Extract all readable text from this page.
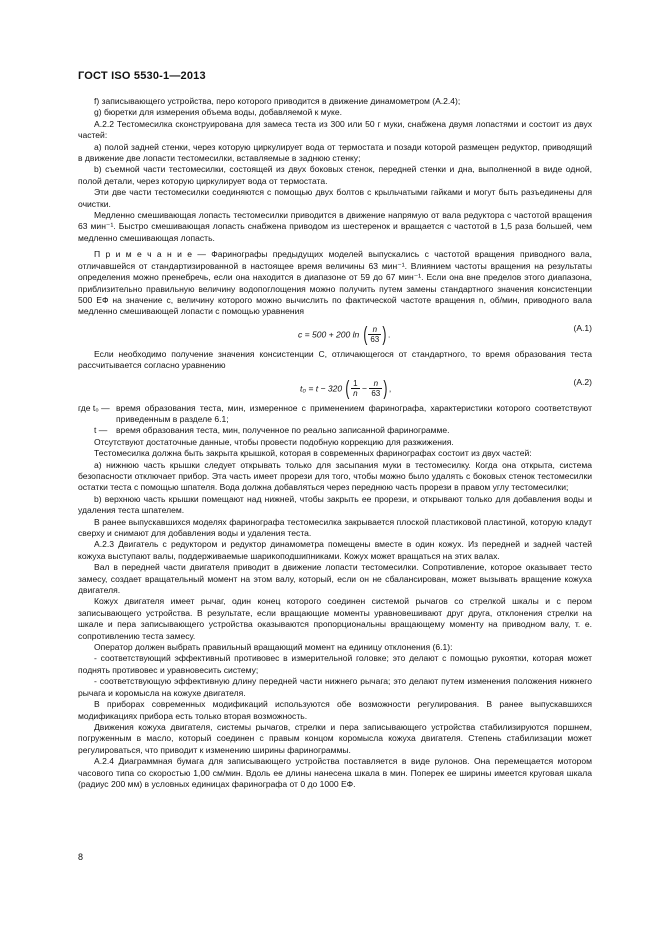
ГОСТ ISO 5530-1—2013

f) записывающего устройства, перо которого приводится в движение динамометром (А.2.4);

g) бюретки для измерения объема воды, добавляемой к муке.

А.2.2 Тестомесилка сконструирована для замеса теста из 300 или 50 г муки, снабжена двумя лопастями и состоит из двух частей:

а) полой задней стенки, через которую циркулирует вода от термостата и позади которой размещен редуктор, приводящий в движение две лопасти тестомесилки, вставляемые в заднюю стенку;

b) съемной части тестомесилки, состоящей из двух боковых стенок, передней стенки и дна, выполненной в виде одной, полой детали, через которую циркулирует вода от термостата.

Эти две части тестомесилки соединяются с помощью двух болтов с крыльчатыми гайками и могут быть разъединены для очистки.

Медленно смешивающая лопасть тестомесилки приводится в движение напрямую от вала редуктора с частотой вращения 63 мин⁻¹. Быстро смешивающая лопасть снабжена приводом из шестеренок и вращается с частотой в 1,5 раза большей, чем медленно смешивающая лопасть.

П р и м е ч а н и е — Фаринографы предыдущих моделей выпускались с частотой вращения приводного вала, отличавшейся от стандартизированной в настоящее время величины 63 мин⁻¹. Влиянием частоты вращения на результаты определения можно пренебречь, если она находится в диапазоне от 59 до 67 мин⁻¹. Если она вне пределов этого диапазона, приблизительно правильную величину водопоглощения можно получить путем замены стандартного значения консистенции 500 ЕФ на значение c, величину которого можно вычислить по фактической частоте вращения n, об/мин, приводного вала медленно смешивающей лопасти с помощью уравнения

c = 500 + 200 ln ( $\frac{n}{63}$ ).
(А.1)

Если необходимо получение значения консистенции C, отличающегося от стандартного, то время образования теста рассчитывается согласно уравнению

t₀ = t − 320 ( $\frac{1}{n} - \frac{n}{63}$ ),
(А.2)
где t₀ — время образования теста, мин, измеренное с применением фаринографа, характеристики которого соответствуют приведенным в разделе 6.1;
t —	время образования теста, мин, полученное по реально записанной фаринограмме.

Отсутствуют достаточные данные, чтобы провести подобную коррекцию для разжижения.

Тестомесилка должна быть закрыта крышкой, которая в современных фаринографах состоит из двух частей:

а) нижнюю часть крышки следует открывать только для засыпания муки в тестомесилку. Когда она открыта, система безопасности отключает прибор. Эта часть имеет прорези для того, чтобы можно было удалять с боковых стенок тестомесилки остатки теста с помощью шпателя. Вода должна добавляться через переднюю часть прорези в правом углу тестомесилки;

b) верхнюю часть крышки помещают над нижней, чтобы закрыть ее прорези, и открывают только для добавления воды и удаления теста шпателем.

В ранее выпускавшихся моделях фаринографа тестомесилка закрывается плоской пластиковой пластиной, которую кладут сверху и снимают для добавления воды и удаления теста.

А.2.3 Двигатель с редуктором и редуктор динамометра помещены вместе в один кожух. Из передней и задней частей кожуха выступают валы, поддерживаемые шарикоподшипниками. Кожух может вращаться на этих валах.

Вал в передней части двигателя приводит в движение лопасти тестомесилки. Сопротивление, которое оказывает тесто замесу, создает вращательный момент на этом валу, который, если он не сбалансирован, может вызывать вращение кожуха двигателя.

Кожух двигателя имеет рычаг, один конец которого соединен системой рычагов со стрелкой шкалы и с пером записывающего устройства. В результате, если вращающие моменты уравновешивают друг друга, отклонения стрелки на шкале и пера записывающего устройства оказываются пропорциональны вращающему моменту на приводном валу, т. е. сопротивлению теста замесу.

Оператор должен выбрать правильный вращающий момент на единицу отклонения (6.1):

- соответствующий эффективный противовес в измерительной головке; это делают с помощью рукоятки, которая может поднять противовес и уравновесить систему;

- соответствующую эффективную длину передней части нижнего рычага; это делают путем изменения положения нижнего рычага и коромысла на кожухе двигателя.

В приборах современных модификаций используются обе возможности регулирования. В ранее выпускавшихся модификациях прибора есть только вторая возможность.

Движения кожуха двигателя, системы рычагов, стрелки и пера записывающего устройства стабилизируются поршнем, погруженным в масло, который соединен с правым концом коромысла кожуха двигателя. Степень стабилизации может регулироваться, что приводит к изменению ширины фаринограммы.

А.2.4 Диаграммная бумага для записывающего устройства поставляется в виде рулонов. Она перемещается мотором часового типа со скоростью 1,00 см/мин. Вдоль ее длины нанесена шкала в мин. Поперек ее ширины имеется круговая шкала (радиус 200 мм) в условных единицах фаринографа от 0 до 1000 ЕФ.

8
